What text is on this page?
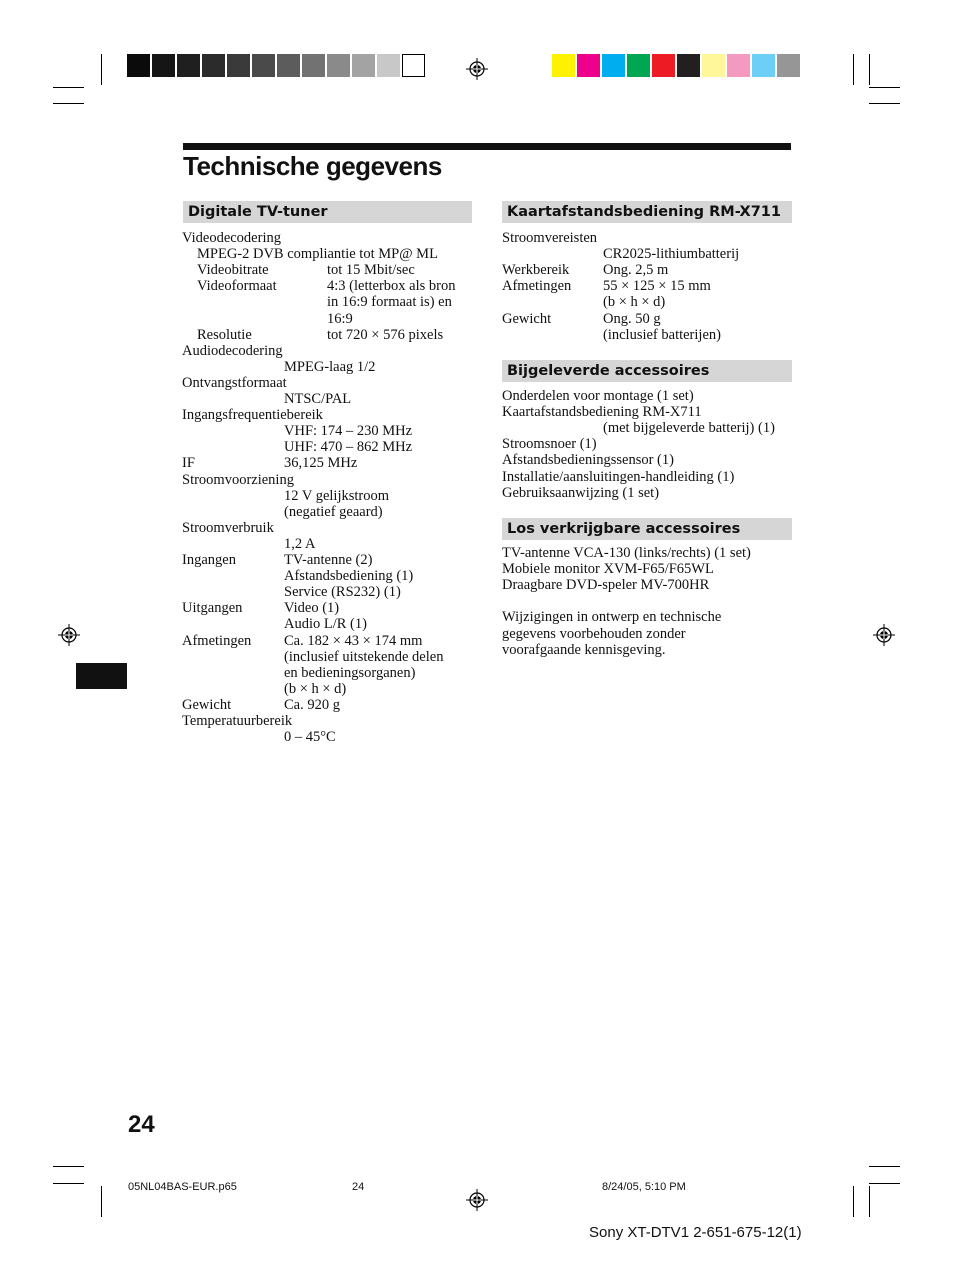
Technische gegevens
Digitale TV-tuner	Kaartafstandsbediening RM-X711
Bijgeleverde accessoires
Los verkrijgbare accessoires
Videodecodering
MPEG-2 DVB compliantie tot MP@ ML
Videobitrate	tot 15 Mbit/sec
Videoformaat	4:3 (letterbox als bron
in 16:9 formaat is) en
16:9
Resolutie	tot 720 × 576 pixels
Audiodecodering
MPEG-laag 1/2
Ontvangstformaat
NTSC/PAL
Ingangsfrequentiebereik
VHF: 174 – 230 MHz
UHF: 470 – 862 MHz
IF	36,125 MHz
Stroomvoorziening
12 V gelijkstroom
(negatief geaard)
Stroomverbruik
1,2 A
Ingangen	TV-antenne (2)
Afstandsbediening (1)
Service (RS232) (1)
Uitgangen	Video (1)
Audio L/R (1)
Afmetingen Ca. 182 × 43 × 174 mm
(inclusief uitstekende delen
en bedieningsorganen)
(b × h × d)
Gewicht	Ca. 920 g
Temperatuurbereik
0 – 45°C
Stroomvereisten
CR2025-lithiumbatterij
Werkbereik Ong. 2,5 m
Afmetingen 55 × 125 × 15 mm
(b × h × d)
Gewicht	Ong. 50 g
(inclusief batterijen)
Onderdelen voor montage (1 set)
Kaartafstandsbediening RM-X711
(met bijgeleverde batterij) (1)
Stroomsnoer (1)
Afstandsbedieningssensor (1)
Installatie/aansluitingen-handleiding (1)
Gebruiksaanwijzing (1 set)
TV-antenne VCA-130 (links/rechts) (1 set)
Mobiele monitor XVM-F65/F65WL
Draagbare DVD-speler MV-700HR
Wijzigingen in ontwerp en technische
gegevens voorbehouden zonder
voorafgaande kennisgeving.
24
05NL04BAS-EUR.p65	24	8/24/05, 5:10 PM
Sony XT-DTV1 2-651-675-12(1)
